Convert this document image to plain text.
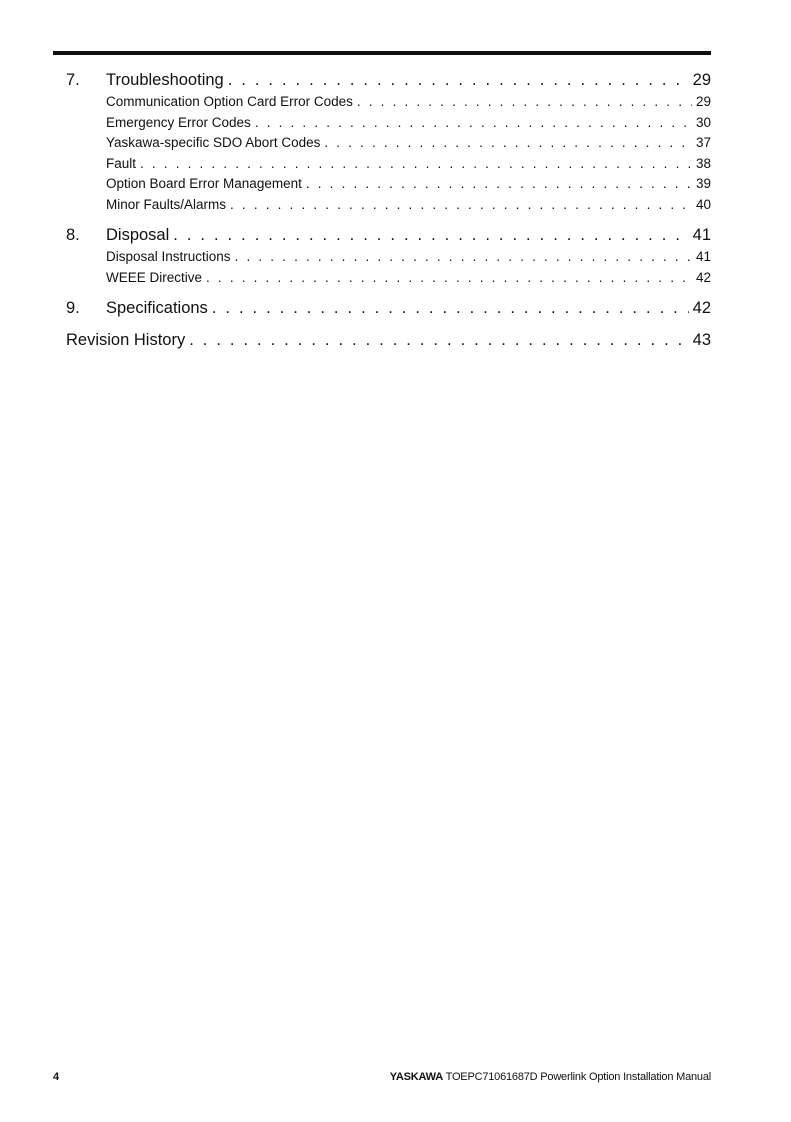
7.	Troubleshooting . . .	29
Communication Option Card Error Codes . . .	29
Emergency Error Codes . . .	30
Yaskawa-specific SDO Abort Codes . . .	37
Fault . . .	38
Option Board Error Management . . .	39
Minor Faults/Alarms . . .	40
8.	Disposal . . .	41
Disposal Instructions . . .	41
WEEE Directive . . .	42
9.	Specifications . . .	42
Revision History . . .	43
4	YASKAWA TOEPC71061687D Powerlink Option Installation Manual
